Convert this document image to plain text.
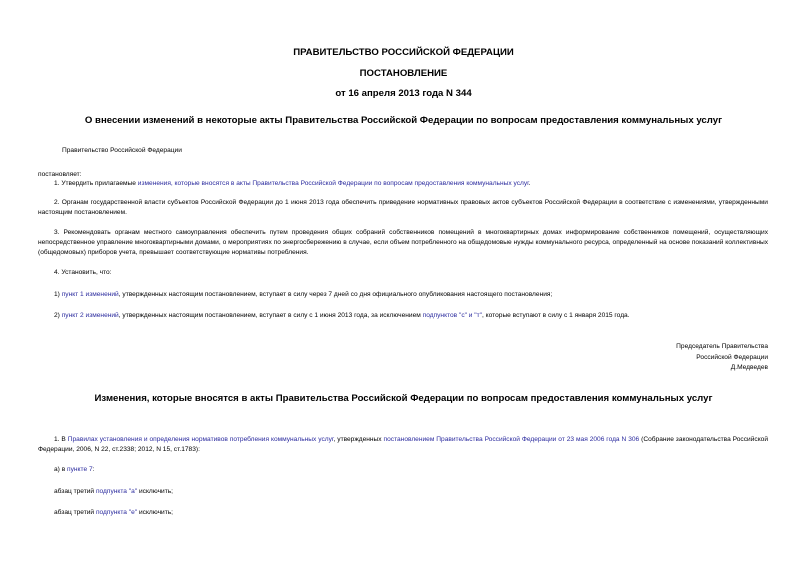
ПРАВИТЕЛЬСТВО РОССИЙСКОЙ ФЕДЕРАЦИИ
ПОСТАНОВЛЕНИЕ
от 16 апреля 2013 года N 344
О внесении изменений в некоторые акты Правительства Российской Федерации по вопросам предоставления коммунальных услуг
Правительство Российской Федерации
постановляет:
1. Утвердить прилагаемые изменения, которые вносятся в акты Правительства Российской Федерации по вопросам предоставления коммунальных услуг.
2. Органам государственной власти субъектов Российской Федерации до 1 июня 2013 года обеспечить приведение нормативных правовых актов субъектов Российской Федерации в соответствие с изменениями, утвержденными настоящим постановлением.
3. Рекомендовать органам местного самоуправления обеспечить путем проведения общих собраний собственников помещений в многоквартирных домах информирование собственников помещений, осуществляющих непосредственное управление многоквартирными домами, о мероприятиях по энергосбережению в случае, если объем потребленного на общедомовые нужды коммунального ресурса, определенный на основе показаний коллективных (общедомовых) приборов учета, превышает соответствующие нормативы потребления.
4. Установить, что:
1) пункт 1 изменений, утвержденных настоящим постановлением, вступает в силу через 7 дней со дня официального опубликования настоящего постановления;
2) пункт 2 изменений, утвержденных настоящим постановлением, вступает в силу с 1 июня 2013 года, за исключением подпунктов "с" и "т", которые вступают в силу с 1 января 2015 года.
Председатель Правительства
Российской Федерации
Д.Медведев
Изменения, которые вносятся в акты Правительства Российской Федерации по вопросам предоставления коммунальных услуг
1. В Правилах установления и определения нормативов потребления коммунальных услуг, утвержденных постановлением Правительства Российской Федерации от 23 мая 2006 года N 306 (Собрание законодательства Российской Федерации, 2006, N 22, ст.2338; 2012, N 15, ст.1783):
а) в пункте 7:
абзац третий подпункта "а" исключить;
абзац третий подпункта "е" исключить;
